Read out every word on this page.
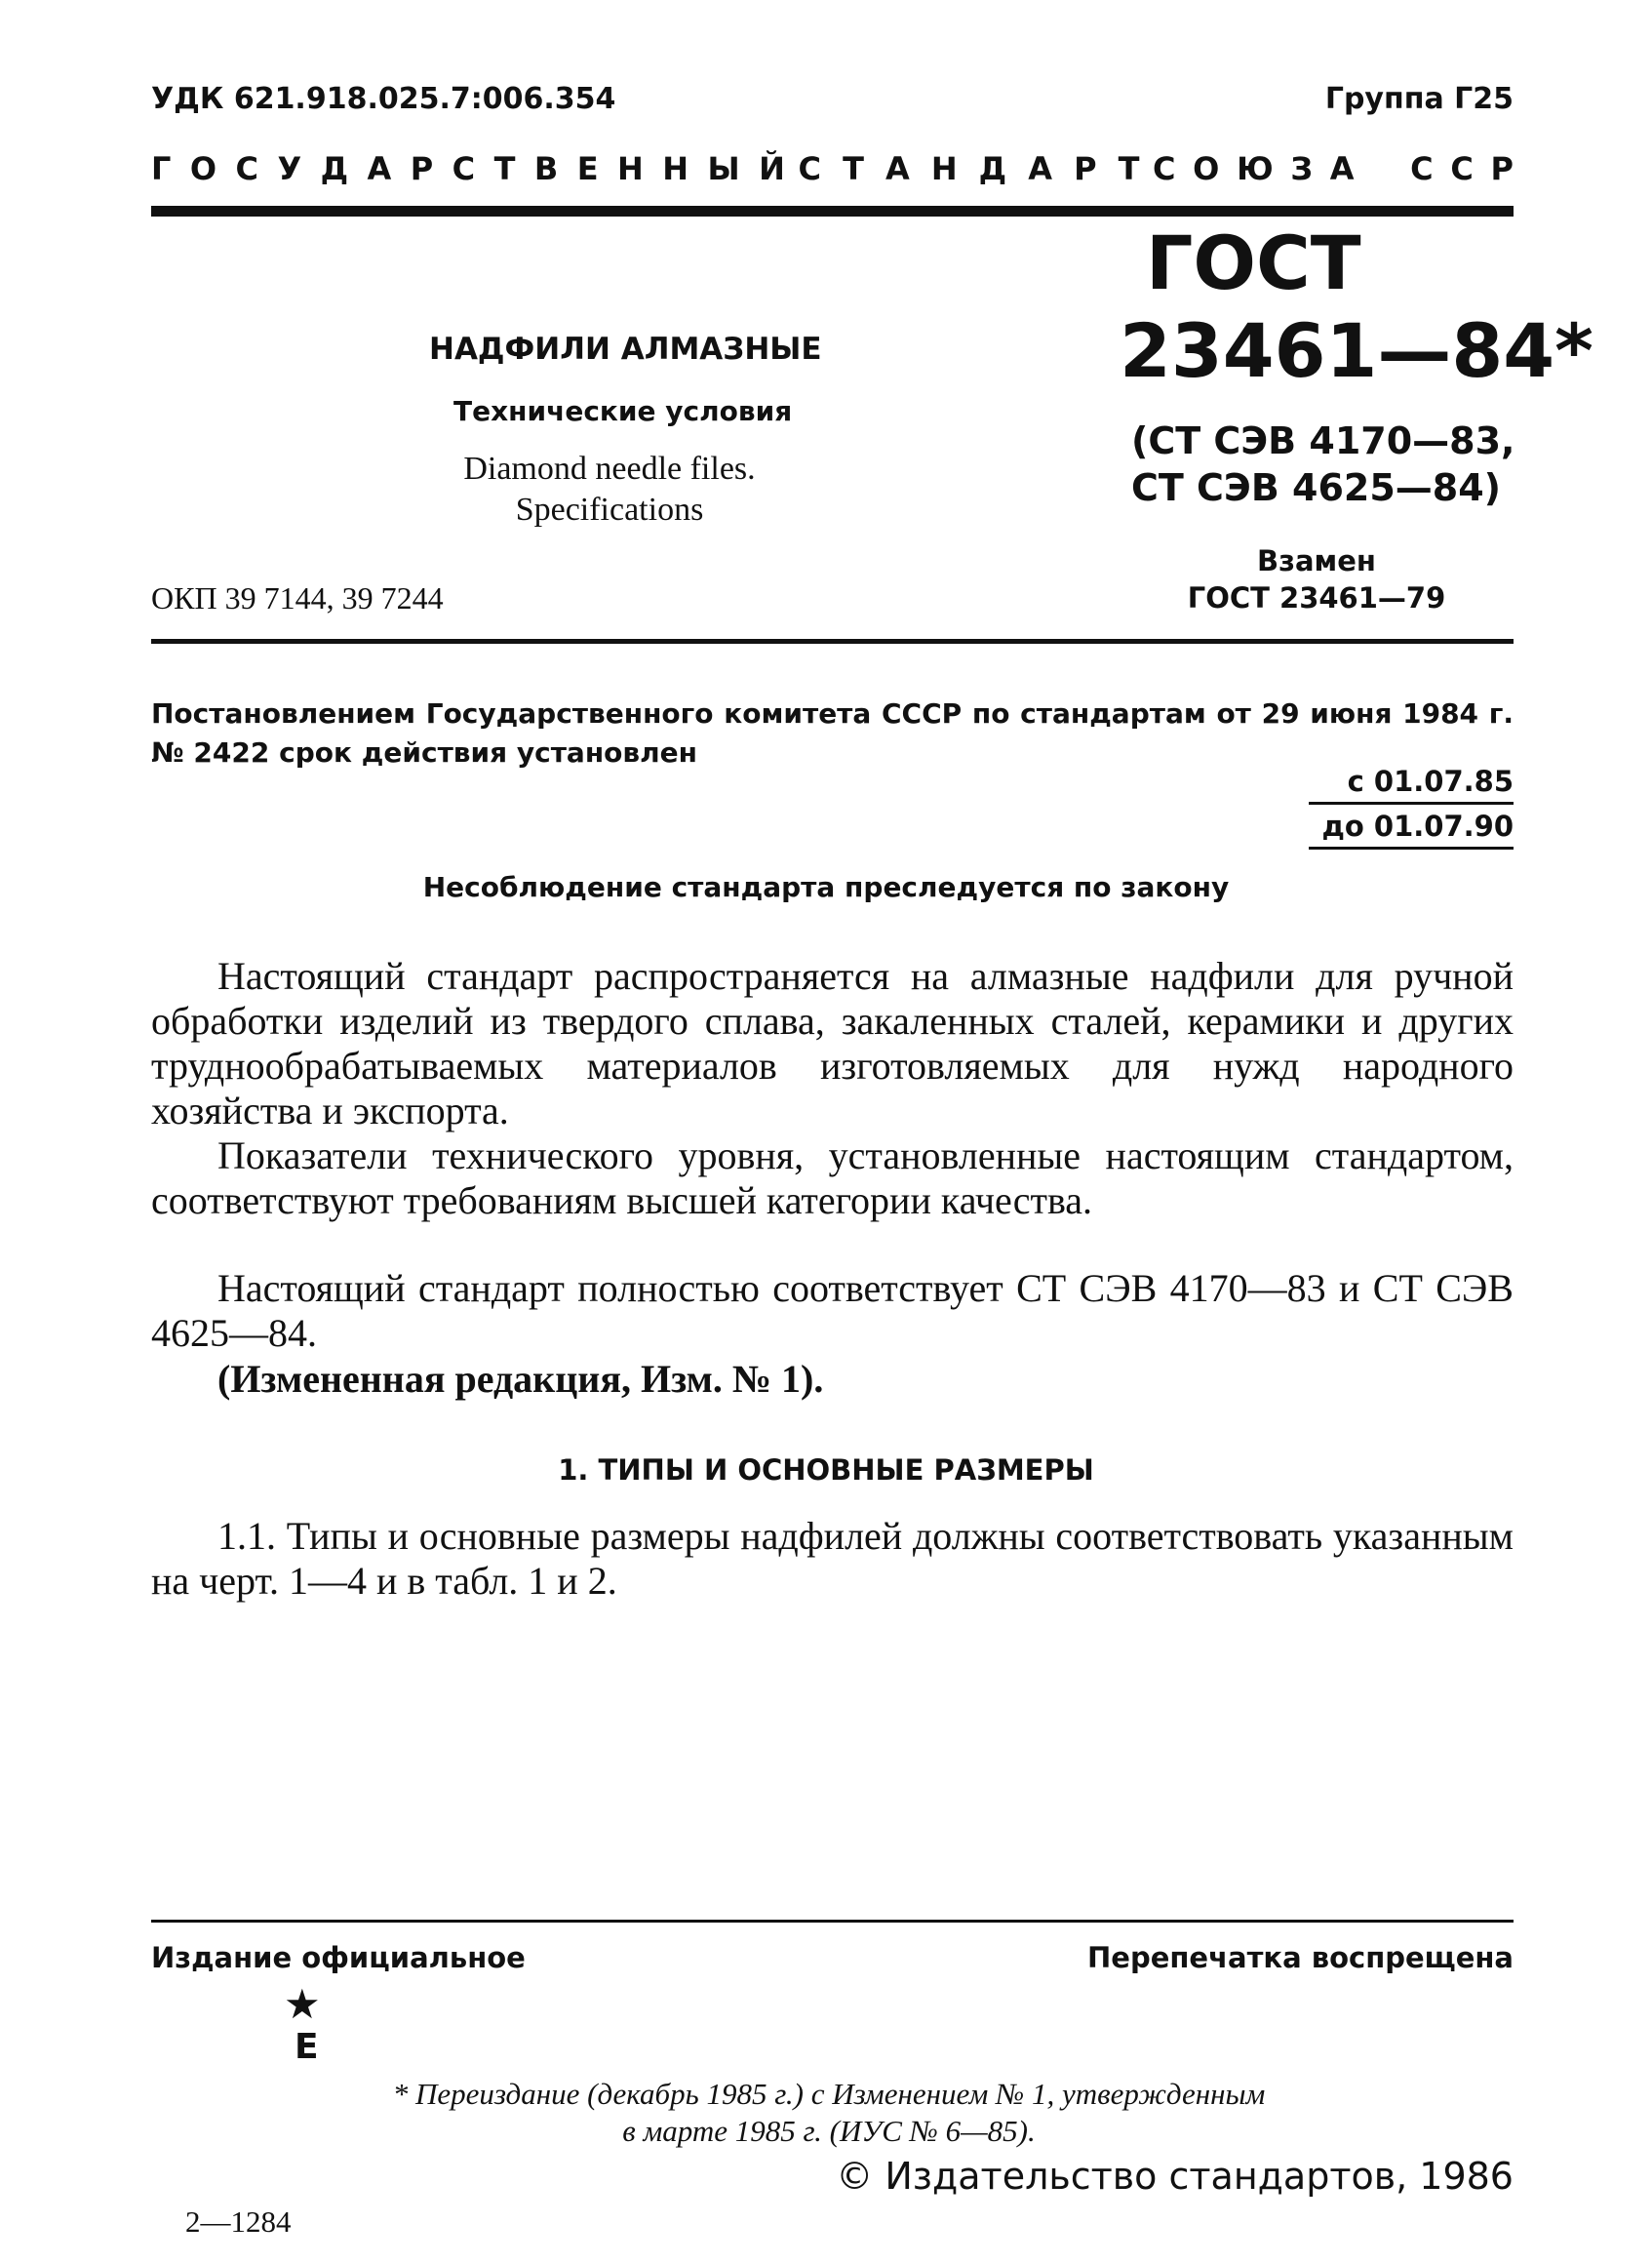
УДК 621.918.025.7:006.354	Группа Г25
Г О С У Д А Р С Т В Е Н Н Ы Й С Т А Н Д А Р Т С О Ю З А
С С Р
ГОСТ
23461—84*
(СТ СЭВ 4170—83,
СТ СЭВ 4625—84)
Взамен
ГОСТ 23461—79
НАДФИЛИ АЛМАЗНЫЕ
Технические условия
Diamond needle files.
Specifications
ОКП 39 7144, 39 7244
Постановлением Государственного комитета СССР по стандартам от 29 июня 1984 г. № 2422 срок действия установлен
с 01.07.85
до 01.07.90
Несоблюдение стандарта преследуется по закону
Настоящий стандарт распространяется на алмазные надфили для ручной обработки изделий из твердого сплава, закаленных сталей, керамики и других труднообрабатываемых материалов изготовляемых для нужд народного хозяйства и экспорта.
Показатели технического уровня, установленные настоящим стандартом, соответствуют требованиям высшей категории качества.
Настоящий стандарт полностью соответствует СТ СЭВ 4170—83 и СТ СЭВ 4625—84.
(Измененная редакция, Изм. № 1).
1. ТИПЫ И ОСНОВНЫЕ РАЗМЕРЫ
1.1. Типы и основные размеры надфилей должны соответствовать указанным на черт. 1—4 и в табл. 1 и 2.
Издание официальное	Перепечатка воспрещена
★
Е
* Переиздание (декабрь 1985 г.) с Изменением № 1, утвержденным
в марте 1985 г. (ИУС № 6—85).
© Издательство стандартов, 1986
2—1284
